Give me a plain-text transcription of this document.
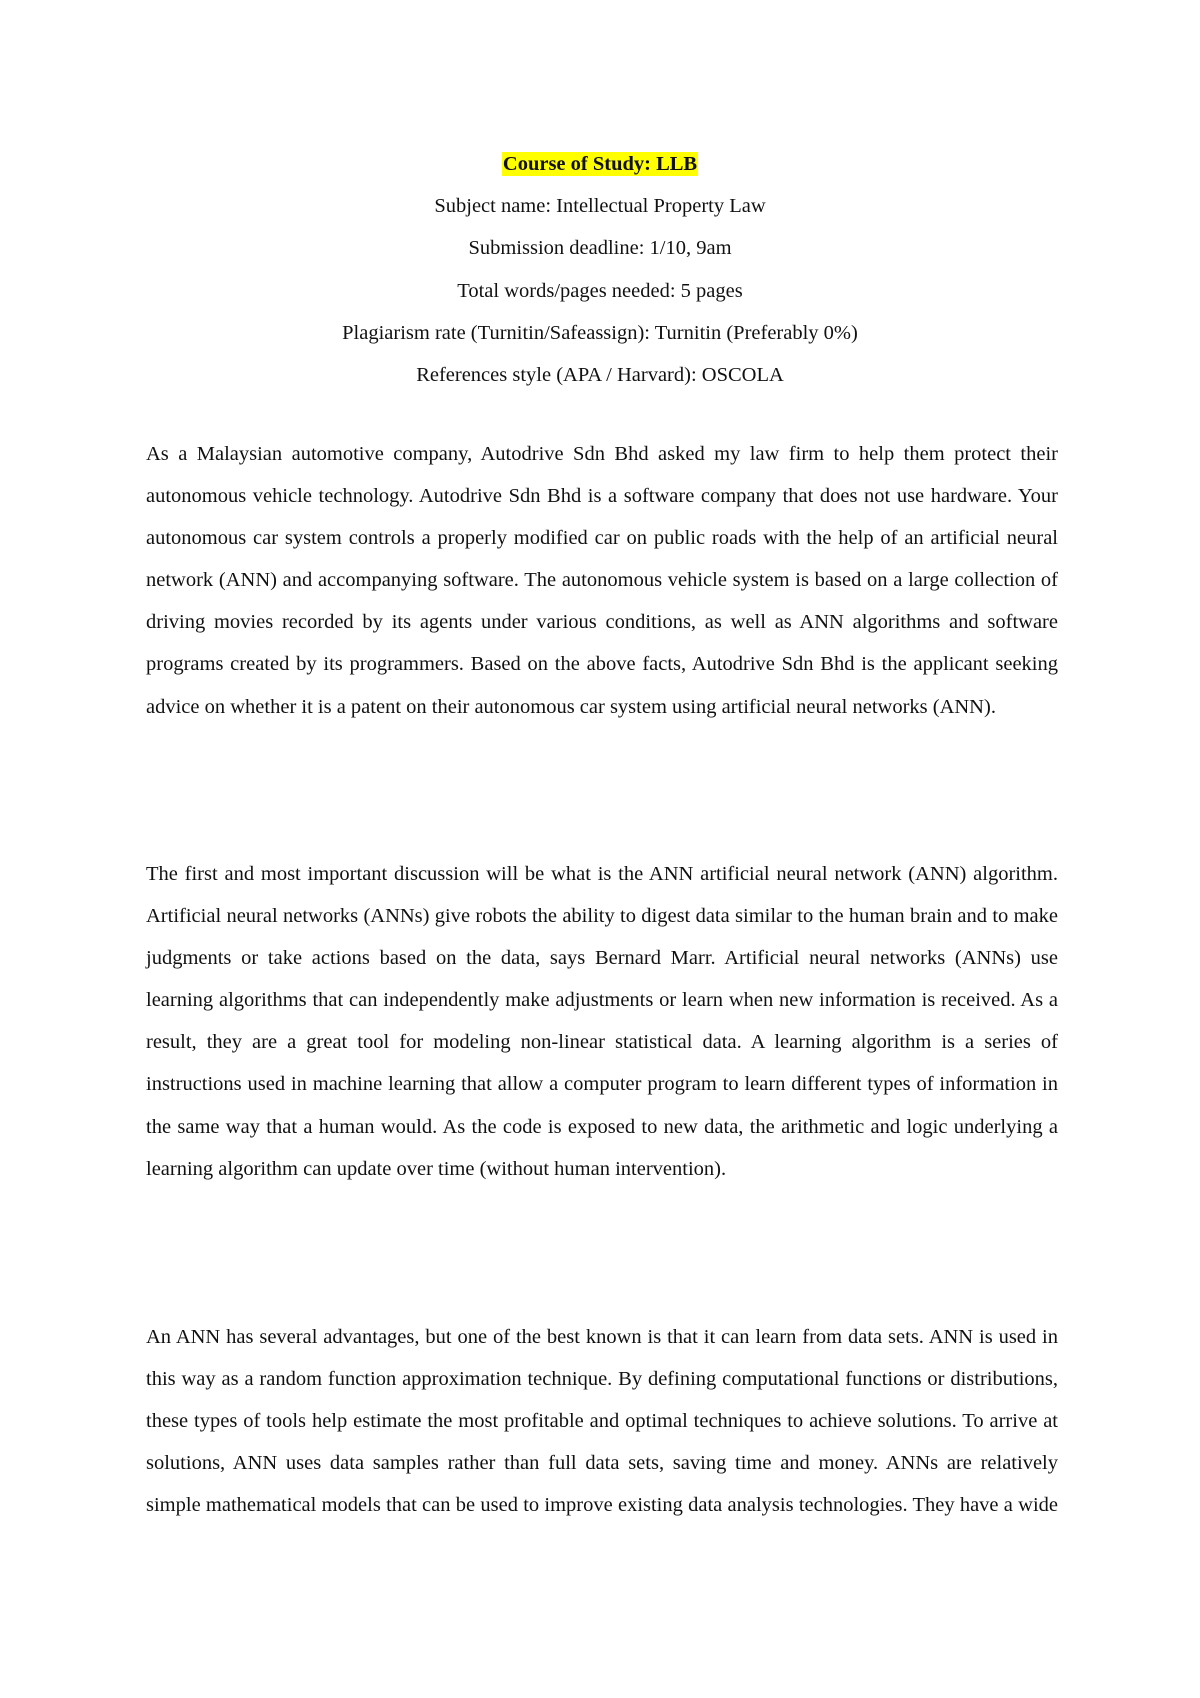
Course of Study: LLB
Subject name: Intellectual Property Law
Submission deadline: 1/10, 9am
Total words/pages needed: 5 pages
Plagiarism rate (Turnitin/Safeassign): Turnitin (Preferably 0%)
References style (APA / Harvard): OSCOLA

As a Malaysian automotive company, Autodrive Sdn Bhd asked my law firm to help them protect their autonomous vehicle technology. Autodrive Sdn Bhd is a software company that does not use hardware. Your autonomous car system controls a properly modified car on public roads with the help of an artificial neural network (ANN) and accompanying software. The autonomous vehicle system is based on a large collection of driving movies recorded by its agents under various conditions, as well as ANN algorithms and software programs created by its programmers. Based on the above facts, Autodrive Sdn Bhd is the applicant seeking advice on whether it is a patent on their autonomous car system using artificial neural networks (ANN).

The first and most important discussion will be what is the ANN artificial neural network (ANN) algorithm. Artificial neural networks (ANNs) give robots the ability to digest data similar to the human brain and to make judgments or take actions based on the data, says Bernard Marr. Artificial neural networks (ANNs) use learning algorithms that can independently make adjustments or learn when new information is received. As a result, they are a great tool for modeling non-linear statistical data. A learning algorithm is a series of instructions used in machine learning that allow a computer program to learn different types of information in the same way that a human would. As the code is exposed to new data, the arithmetic and logic underlying a learning algorithm can update over time (without human intervention).

An ANN has several advantages, but one of the best known is that it can learn from data sets. ANN is used in this way as a random function approximation technique. By defining computational functions or distributions, these types of tools help estimate the most profitable and optimal techniques to achieve solutions. To arrive at solutions, ANN uses data samples rather than full data sets, saving time and money. ANNs are relatively simple mathematical models that can be used to improve existing data analysis technologies. They have a wide
